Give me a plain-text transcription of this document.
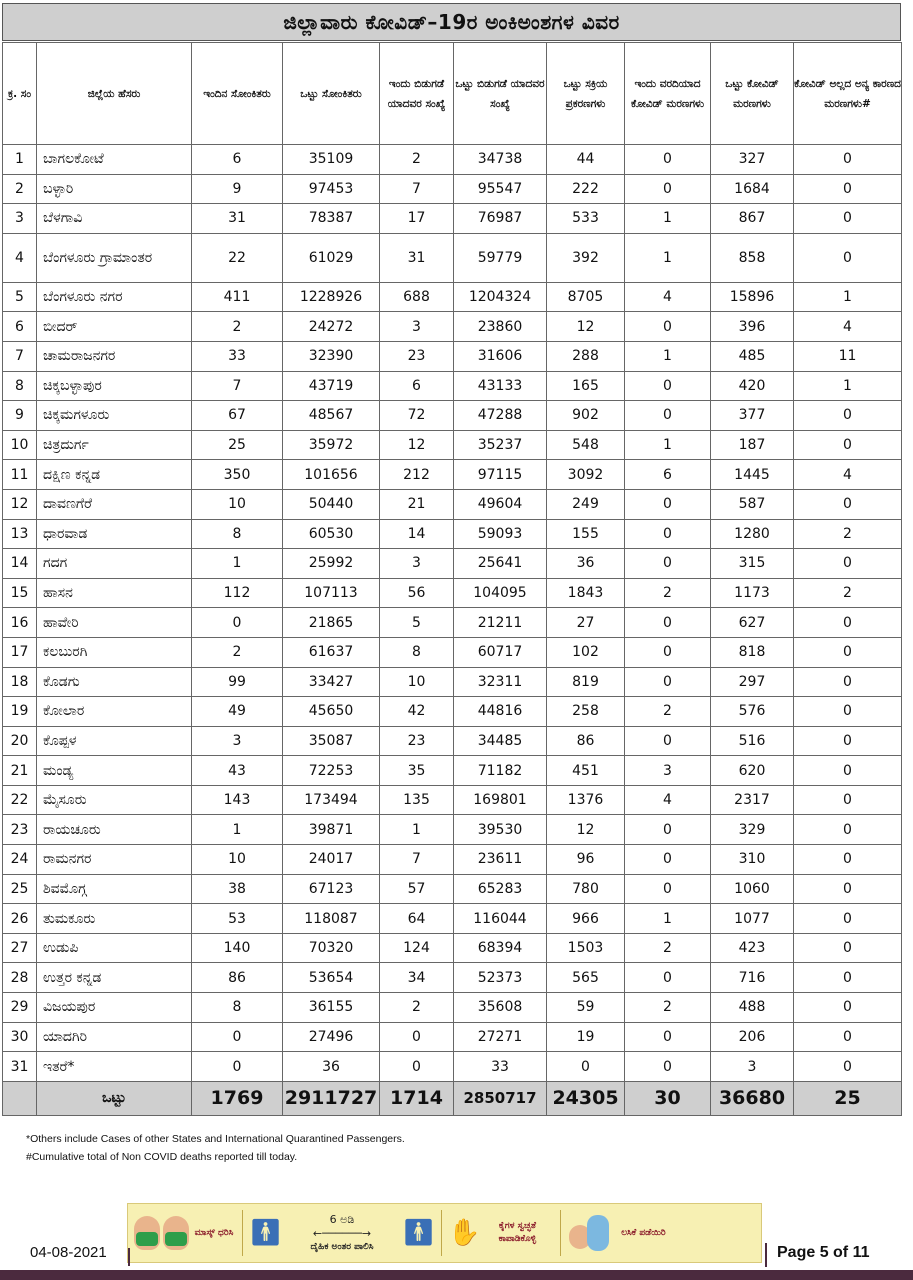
ಜಿಲ್ಲಾವಾರು ಕೋವಿಡ್–19ರ ಅಂಕಿಅಂಶಗಳ ವಿವರ
ಕ್ರ. ಸಂ	ಜಿಲ್ಲೆಯ ಹೆಸರು	ಇಂದಿನ ಸೋಂಕಿತರು	ಒಟ್ಟು ಸೋಂಕಿತರು	ಇಂದು ಬಿಡುಗಡೆ ಯಾದವರ ಸಂಖ್ಯೆ	ಒಟ್ಟು ಬಿಡುಗಡೆ ಯಾದವರ ಸಂಖ್ಯೆ	ಒಟ್ಟು ಸಕ್ರಿಯ ಪ್ರಕರಣಗಳು	ಇಂದು ವರದಿಯಾದ ಕೋವಿಡ್ ಮರಣಗಳು	ಒಟ್ಟು ಕೋವಿಡ್ ಮರಣಗಳು	ಕೋವಿಡ್ ಅಲ್ಲದ ಅನ್ಯ ಕಾರಣದ ಮರಣಗಳು#
1	ಬಾಗಲಕೋಟೆ	6	35109	2	34738	44	0	327	0
2	ಬಳ್ಳಾರಿ	9	97453	7	95547	222	0	1684	0
3	ಬೆಳಗಾವಿ	31	78387	17	76987	533	1	867	0
4	ಬೆಂಗಳೂರು ಗ್ರಾಮಾಂತರ	22	61029	31	59779	392	1	858	0
5	ಬೆಂಗಳೂರು ನಗರ	411	1228926	688	1204324	8705	4	15896	1
6	ಬೀದರ್	2	24272	3	23860	12	0	396	4
7	ಚಾಮರಾಜನಗರ	33	32390	23	31606	288	1	485	11
8	ಚಿಕ್ಕಬಳ್ಳಾಪುರ	7	43719	6	43133	165	0	420	1
9	ಚಿಕ್ಕಮಗಳೂರು	67	48567	72	47288	902	0	377	0
10	ಚಿತ್ರದುರ್ಗ	25	35972	12	35237	548	1	187	0
11	ದಕ್ಷಿಣ ಕನ್ನಡ	350	101656	212	97115	3092	6	1445	4
12	ದಾವಣಗೆರೆ	10	50440	21	49604	249	0	587	0
13	ಧಾರವಾಡ	8	60530	14	59093	155	0	1280	2
14	ಗದಗ	1	25992	3	25641	36	0	315	0
15	ಹಾಸನ	112	107113	56	104095	1843	2	1173	2
16	ಹಾವೇರಿ	0	21865	5	21211	27	0	627	0
17	ಕಲಬುರಗಿ	2	61637	8	60717	102	0	818	0
18	ಕೊಡಗು	99	33427	10	32311	819	0	297	0
19	ಕೋಲಾರ	49	45650	42	44816	258	2	576	0
20	ಕೊಪ್ಪಳ	3	35087	23	34485	86	0	516	0
21	ಮಂಡ್ಯ	43	72253	35	71182	451	3	620	0
22	ಮೈಸೂರು	143	173494	135	169801	1376	4	2317	0
23	ರಾಯಚೂರು	1	39871	1	39530	12	0	329	0
24	ರಾಮನಗರ	10	24017	7	23611	96	0	310	0
25	ಶಿವಮೊಗ್ಗ	38	67123	57	65283	780	0	1060	0
26	ತುಮಕೂರು	53	118087	64	116044	966	1	1077	0
27	ಉಡುಪಿ	140	70320	124	68394	1503	2	423	0
28	ಉತ್ತರ ಕನ್ನಡ	86	53654	34	52373	565	0	716	0
29	ವಿಜಯಪುರ	8	36155	2	35608	59	2	488	0
30	ಯಾದಗಿರಿ	0	27496	0	27271	19	0	206	0
31	ಇತರೆ*	0	36	0	33	0	0	3	0
	ಒಟ್ಟು	1769	2911727	1714	2850717	24305	30	36680	25
*Others include Cases of other States and International Quarantined Passengers.
#Cumulative total of Non COVID deaths reported till today.
ಮಾಸ್ಕ್ ಧರಿಸಿ 🚹︎	6 ಅಡಿ
←──────→
ದೈಹಿಕ ಅಂತರ ಪಾಲಿಸಿ	🚹︎ ✋	ಕೈಗಳ ಸ್ವಚ್ಛತೆ ಕಾಪಾಡಿಕೊಳ್ಳಿ
ಲಸಿಕೆ ಪಡೆಯಿರಿ
04-08-2021	Page 5 of 11
